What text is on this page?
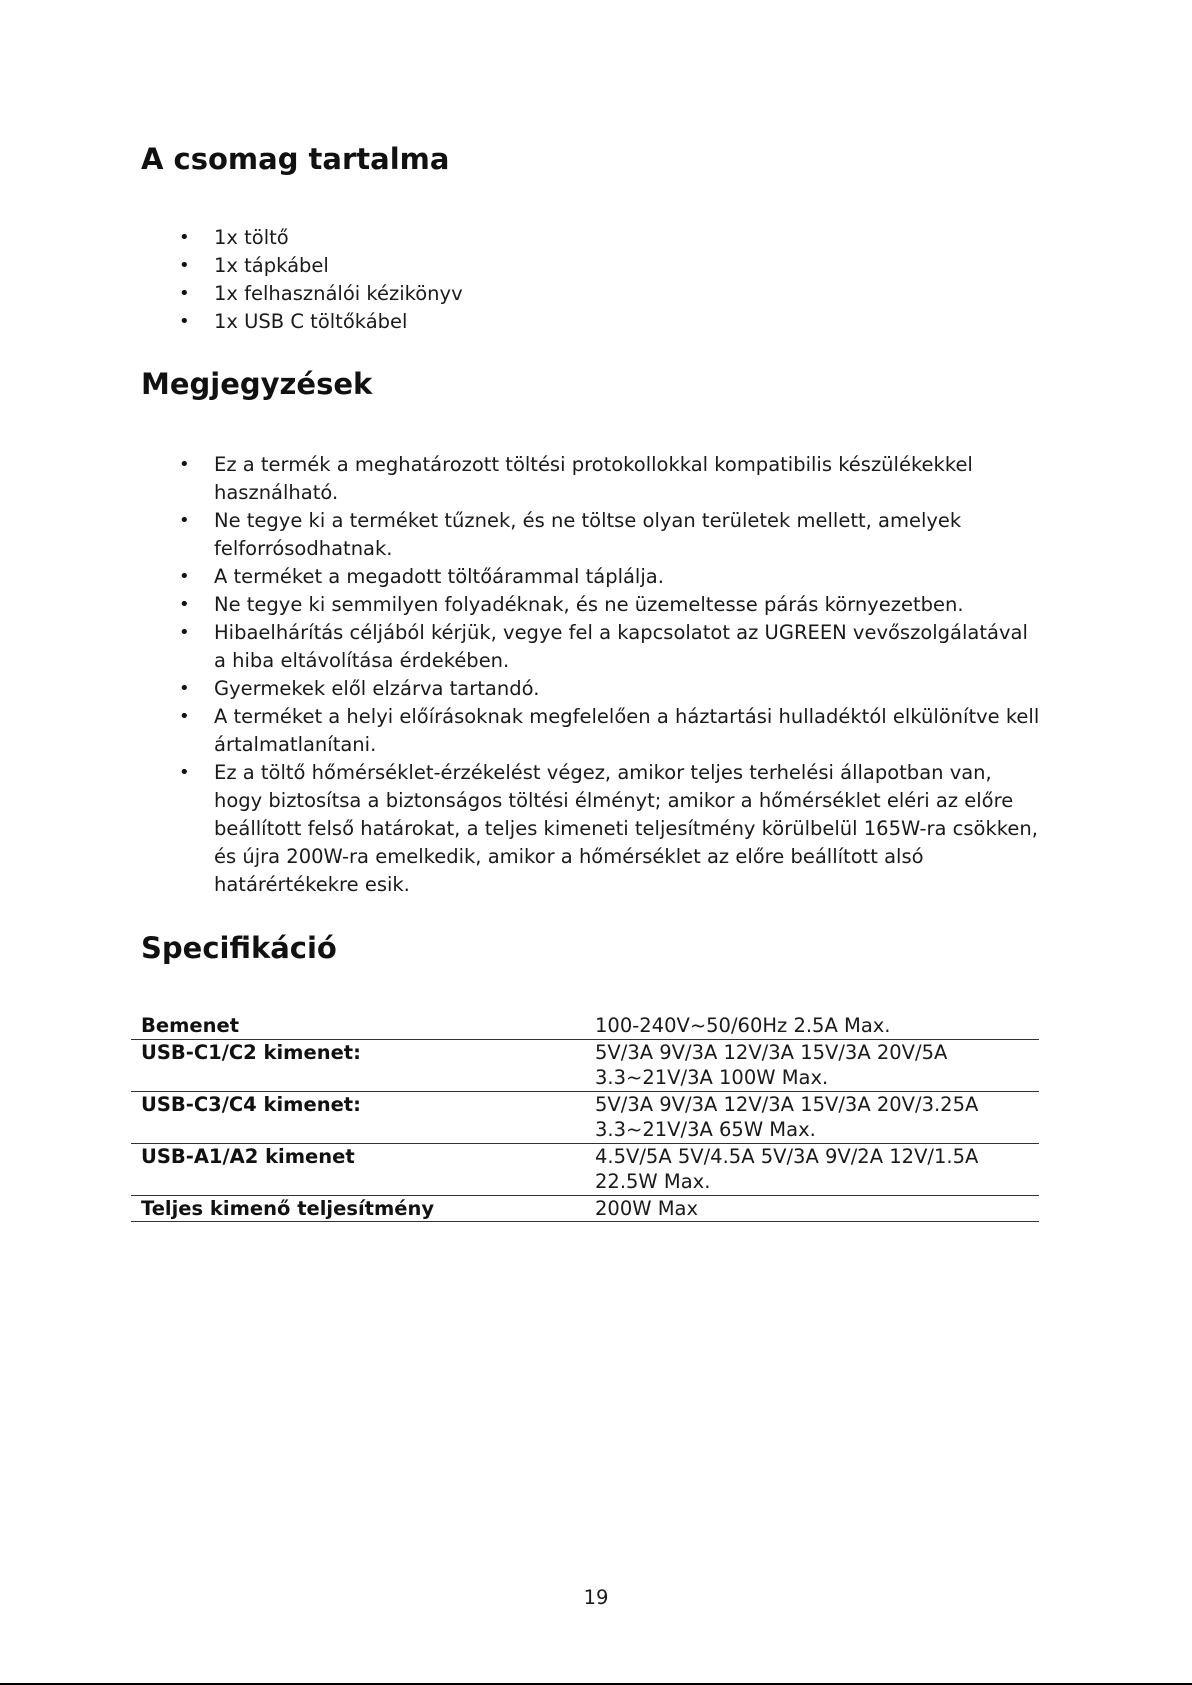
A csomag tartalma
• 1x töltő
• 1x tápkábel
• 1x felhasználói kézikönyv
• 1x USB C töltőkábel
Megjegyzések
• Ez a termék a meghatározott töltési protokollokkal kompatibilis készülékekkel használható.
• Ne tegye ki a terméket tűznek, és ne töltse olyan területek mellett, amelyek felforrósodhatnak.
• A terméket a megadott töltőárammal táplálja.
• Ne tegye ki semmilyen folyadéknak, és ne üzemeltesse párás környezetben.
• Hibaelhárítás céljából kérjük, vegye fel a kapcsolatot az UGREEN vevőszolgálatával a hiba eltávolítása érdekében.
• Gyermekek elől elzárva tartandó.
• A terméket a helyi előírásoknak megfelelően a háztartási hulladéktól elkülönítve kell ártalmatlanítani.
• Ez a töltő hőmérséklet-érzékelést végez, amikor teljes terhelési állapotban van, hogy biztosítsa a biztonságos töltési élményt; amikor a hőmérséklet eléri az előre beállított felső határokat, a teljes kimeneti teljesítmény körülbelül 165W-ra csökken, és újra 200W-ra emelkedik, amikor a hőmérséklet az előre beállított alsó határértékekre esik.
Specifikáció
Bemenet	100-240V~50/60Hz 2.5A Max.

USB-C1/C2 kimenet:	5V/3A 9V/3A 12V/3A 15V/3A 20V/5A
3.3~21V/3A 100W Max.

USB-C3/C4 kimenet:	5V/3A 9V/3A 12V/3A 15V/3A 20V/3.25A
3.3~21V/3A 65W Max.

USB-A1/A2 kimenet	4.5V/5A 5V/4.5A 5V/3A 9V/2A 12V/1.5A
22.5W Max.

Teljes kimenő teljesítmény	200W Max
19
